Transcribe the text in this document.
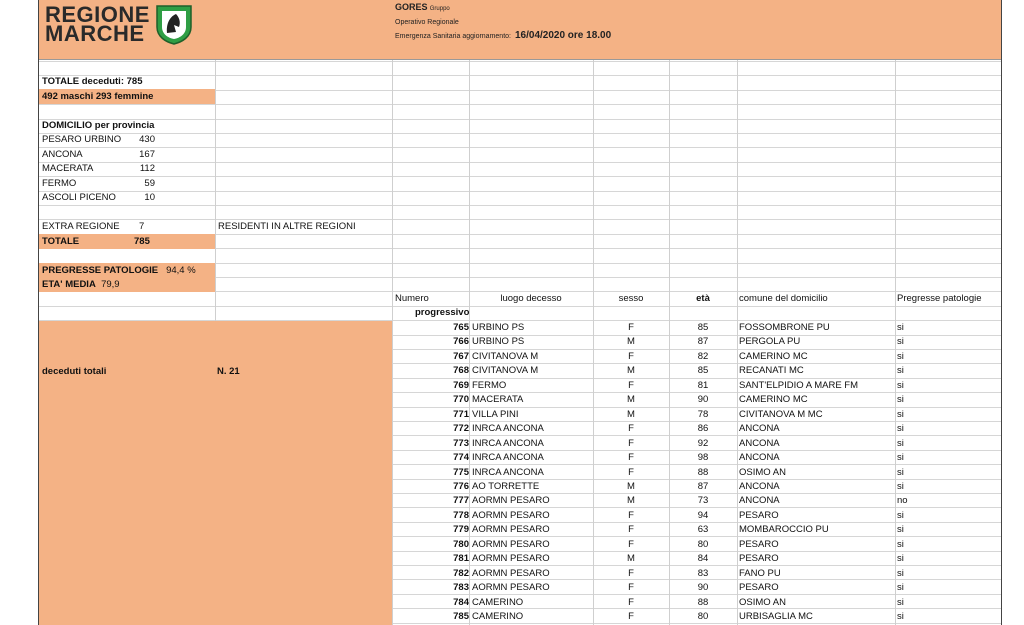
REGIONE
MARCHE
GORES Gruppo
Operativo Regionale
Emergenza Sanitaria aggiornamento: 16/04/2020 ore 18.00
TOTALE deceduti: 785
492 maschi 293 femmine
DOMICILIO per provincia
PESARO URBINO	430
ANCONA	167
MACERATA	112
FERMO	59
ASCOLI PICENO	10
EXTRA REGIONE 7	RESIDENTI IN ALTRE REGIONI
TOTALE	785
PREGRESSE PATOLOGIE 94,4 %
ETA' MEDIA 79,9
deceduti totali	N. 21
Numero
progressivo
luogo decesso	sesso	età	comune del domicilio	Pregresse patologie
765 URBINO PS	F	85	FOSSOMBRONE PU	si
766 URBINO PS	M	87	PERGOLA PU	si
767 CIVITANOVA M	F	82	CAMERINO MC	si
768 CIVITANOVA M	M	85	RECANATI MC	si
769 FERMO	F	81	SANT'ELPIDIO A MARE FM	si
770 MACERATA	M	90	CAMERINO MC	si
771 VILLA PINI	M	78	CIVITANOVA M MC	si
772 INRCA ANCONA	F	86	ANCONA	si
773 INRCA ANCONA	F	92	ANCONA	si
774 INRCA ANCONA	F	98	ANCONA	si
775 INRCA ANCONA	F	88	OSIMO AN	si
776 AO TORRETTE	M	87	ANCONA	si
777 AORMN PESARO	M	73	ANCONA	no
778 AORMN PESARO	F	94	PESARO	si
779 AORMN PESARO	F	63	MOMBAROCCIO PU	si
780 AORMN PESARO	F	80	PESARO	si
781 AORMN PESARO	M	84	PESARO	si
782 AORMN PESARO	F	83	FANO PU	si
783 AORMN PESARO	F	90	PESARO	si
784 CAMERINO	F	88	OSIMO AN	si
785 CAMERINO	F	80	URBISAGLIA MC	si
